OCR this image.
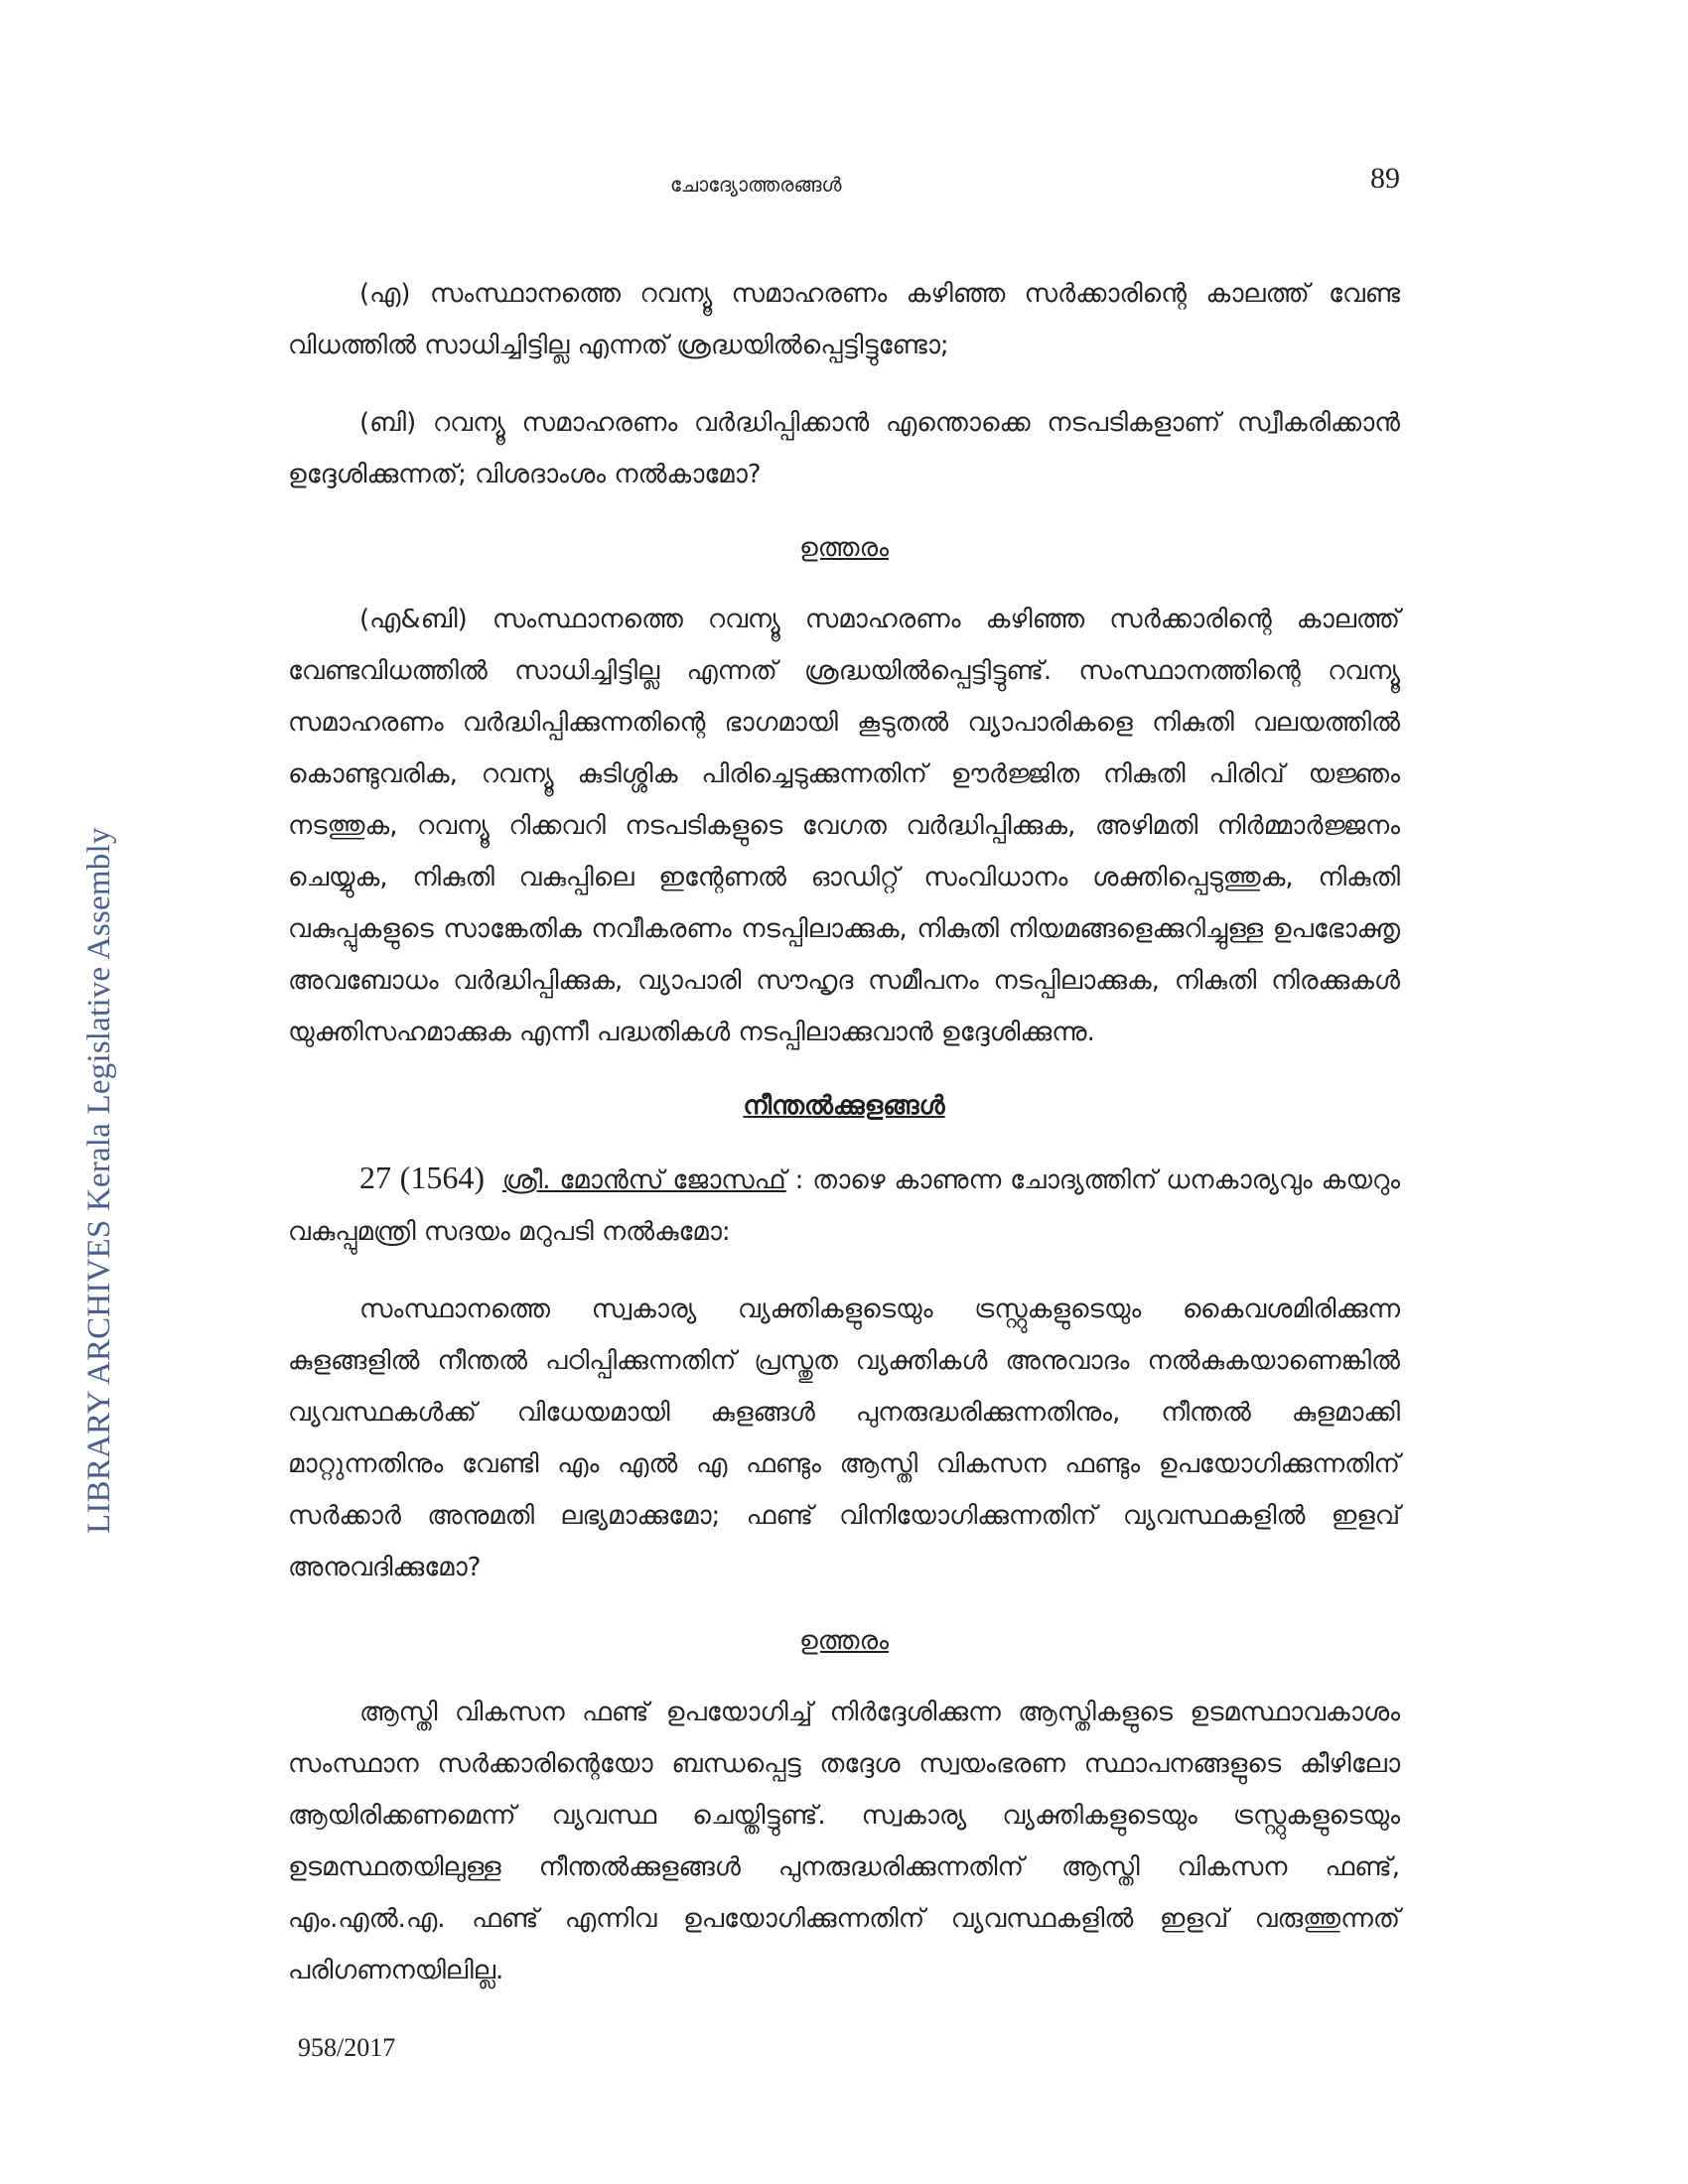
LIBRARY ARCHIVES Kerala Legislative Assembly
ചോദ്യോത്തരങ്ങൾ	89

(എ) സംസ്ഥാനത്തെ റവന്യൂ സമാഹരണം കഴിഞ്ഞ സർക്കാരിന്റെ കാലത്ത് വേണ്ട വിധത്തിൽ സാധിച്ചിട്ടില്ല എന്നത് ശ്രദ്ധയിൽപ്പെട്ടിട്ടുണ്ടോ;

(ബി) റവന്യൂ സമാഹരണം വർദ്ധിപ്പിക്കാൻ എന്തൊക്കെ നടപടികളാണ് സ്വീകരിക്കാൻ ഉദ്ദേശിക്കുന്നത്; വിശദാംശം നൽകാമോ?

ഉത്തരം

(എ&ബി) സംസ്ഥാനത്തെ റവന്യൂ സമാഹരണം കഴിഞ്ഞ സർക്കാരിന്റെ കാലത്ത് വേണ്ടവിധത്തിൽ സാധിച്ചിട്ടില്ല എന്നത് ശ്രദ്ധയിൽപ്പെട്ടിട്ടുണ്ട്. സംസ്ഥാനത്തിന്റെ റവന്യൂ സമാഹരണം വർദ്ധിപ്പിക്കുന്നതിന്റെ ഭാഗമായി കൂടുതൽ വ്യാപാരികളെ നികുതി വലയത്തിൽ കൊണ്ടുവരിക, റവന്യൂ കുടിശ്ശിക പിരിച്ചെടുക്കുന്നതിന് ഊർജ്ജിത നികുതി പിരിവ് യജ്ഞം നടത്തുക, റവന്യൂ റിക്കവറി നടപടികളുടെ വേഗത വർദ്ധിപ്പിക്കുക, അഴിമതി നിർമ്മാർജ്ജനം ചെയ്യുക, നികുതി വകുപ്പിലെ ഇന്റേണൽ ഓഡിറ്റ് സംവിധാനം ശക്തിപ്പെടുത്തുക, നികുതി വകുപ്പുകളുടെ സാങ്കേതിക നവീകരണം നടപ്പിലാക്കുക, നികുതി നിയമങ്ങളെക്കുറിച്ചുള്ള ഉപഭോക്തൃ അവബോധം വർദ്ധിപ്പിക്കുക, വ്യാപാരി സൗഹൃദ സമീപനം നടപ്പിലാക്കുക, നികുതി നിരക്കുകൾ യുക്തിസഹമാക്കുക എന്നീ പദ്ധതികൾ നടപ്പിലാക്കുവാൻ ഉദ്ദേശിക്കുന്നു.

നീന്തൽക്കുളങ്ങൾ

27 (1564) ശ്രീ. മോൻസ് ജോസഫ് : താഴെ കാണുന്ന ചോദ്യത്തിന് ധനകാര്യവും കയറും വകുപ്പുമന്ത്രി സദയം മറുപടി നൽകുമോ:

സംസ്ഥാനത്തെ സ്വകാര്യ വ്യക്തികളുടെയും ട്രസ്റ്റുകളുടെയും കൈവശമിരിക്കുന്ന കുളങ്ങളിൽ നീന്തൽ പഠിപ്പിക്കുന്നതിന് പ്രസ്തുത വ്യക്തികൾ അനുവാദം നൽകുകയാണെങ്കിൽ വ്യവസ്ഥകൾക്ക് വിധേയമായി കുളങ്ങൾ പുനരുദ്ധരിക്കുന്നതിനും, നീന്തൽ കുളമാക്കി മാറ്റുന്നതിനും വേണ്ടി എം എൽ എ ഫണ്ടും ആസ്തി വികസന ഫണ്ടും ഉപയോഗിക്കുന്നതിന് സർക്കാർ അനുമതി ലഭ്യമാക്കുമോ; ഫണ്ട് വിനിയോഗിക്കുന്നതിന് വ്യവസ്ഥകളിൽ ഇളവ് അനുവദിക്കുമോ?

ഉത്തരം

ആസ്തി വികസന ഫണ്ട് ഉപയോഗിച്ച് നിർദ്ദേശിക്കുന്ന ആസ്തികളുടെ ഉടമസ്ഥാവകാശം സംസ്ഥാന സർക്കാരിന്റെയോ ബന്ധപ്പെട്ട തദ്ദേശ സ്വയംഭരണ സ്ഥാപനങ്ങളുടെ കീഴിലോ ആയിരിക്കണമെന്ന് വ്യവസ്ഥ ചെയ്തിട്ടുണ്ട്. സ്വകാര്യ വ്യക്തികളുടെയും ട്രസ്റ്റുകളുടെയും ഉടമസ്ഥതയിലുള്ള നീന്തൽക്കുളങ്ങൾ പുനരുദ്ധരിക്കുന്നതിന് ആസ്തി വികസന ഫണ്ട്, എം.എൽ.എ. ഫണ്ട് എന്നിവ ഉപയോഗിക്കുന്നതിന് വ്യവസ്ഥകളിൽ ഇളവ് വരുത്തുന്നത് പരിഗണനയിലില്ല.

958/2017
